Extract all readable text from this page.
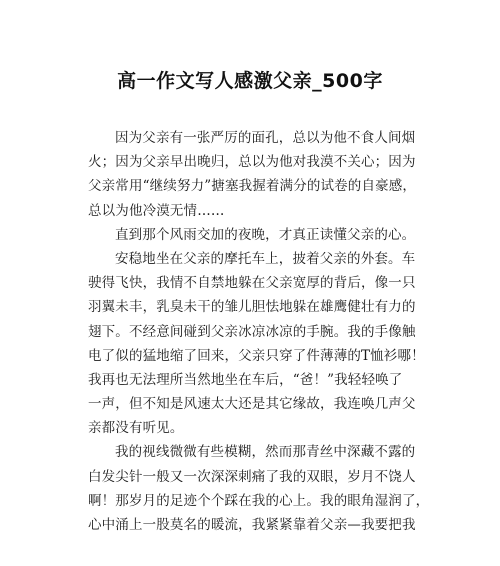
高一作文写人感激父亲_500字
因为父亲有一张严厉的面孔，总以为他不食人间烟
火；因为父亲早出晚归，总以为他对我漠不关心；因为
父亲常用“继续努力”搪塞我握着满分的试卷的自豪感，
总以为他冷漠无情……
直到那个风雨交加的夜晚，才真正读懂父亲的心。
安稳地坐在父亲的摩托车上，披着父亲的外套。车
驶得飞快，我情不自禁地躲在父亲宽厚的背后，像一只
羽翼未丰，乳臭未干的雏儿胆怯地躲在雄鹰健壮有力的
翅下。不经意间碰到父亲冰凉冰凉的手腕。我的手像触
电了似的猛地缩了回来，父亲只穿了件薄薄的T恤衫哪！
我再也无法理所当然地坐在车后，“爸！”我轻轻唤了
一声，但不知是风速太大还是其它缘故，我连唤几声父
亲都没有听见。
我的视线微微有些模糊，然而那青丝中深藏不露的
白发尖针一般又一次深深刺痛了我的双眼，岁月不饶人
啊！那岁月的足迹个个踩在我的心上。我的眼角湿润了，
心中涌上一股莫名的暖流，我紧紧靠着父亲—我要把我
